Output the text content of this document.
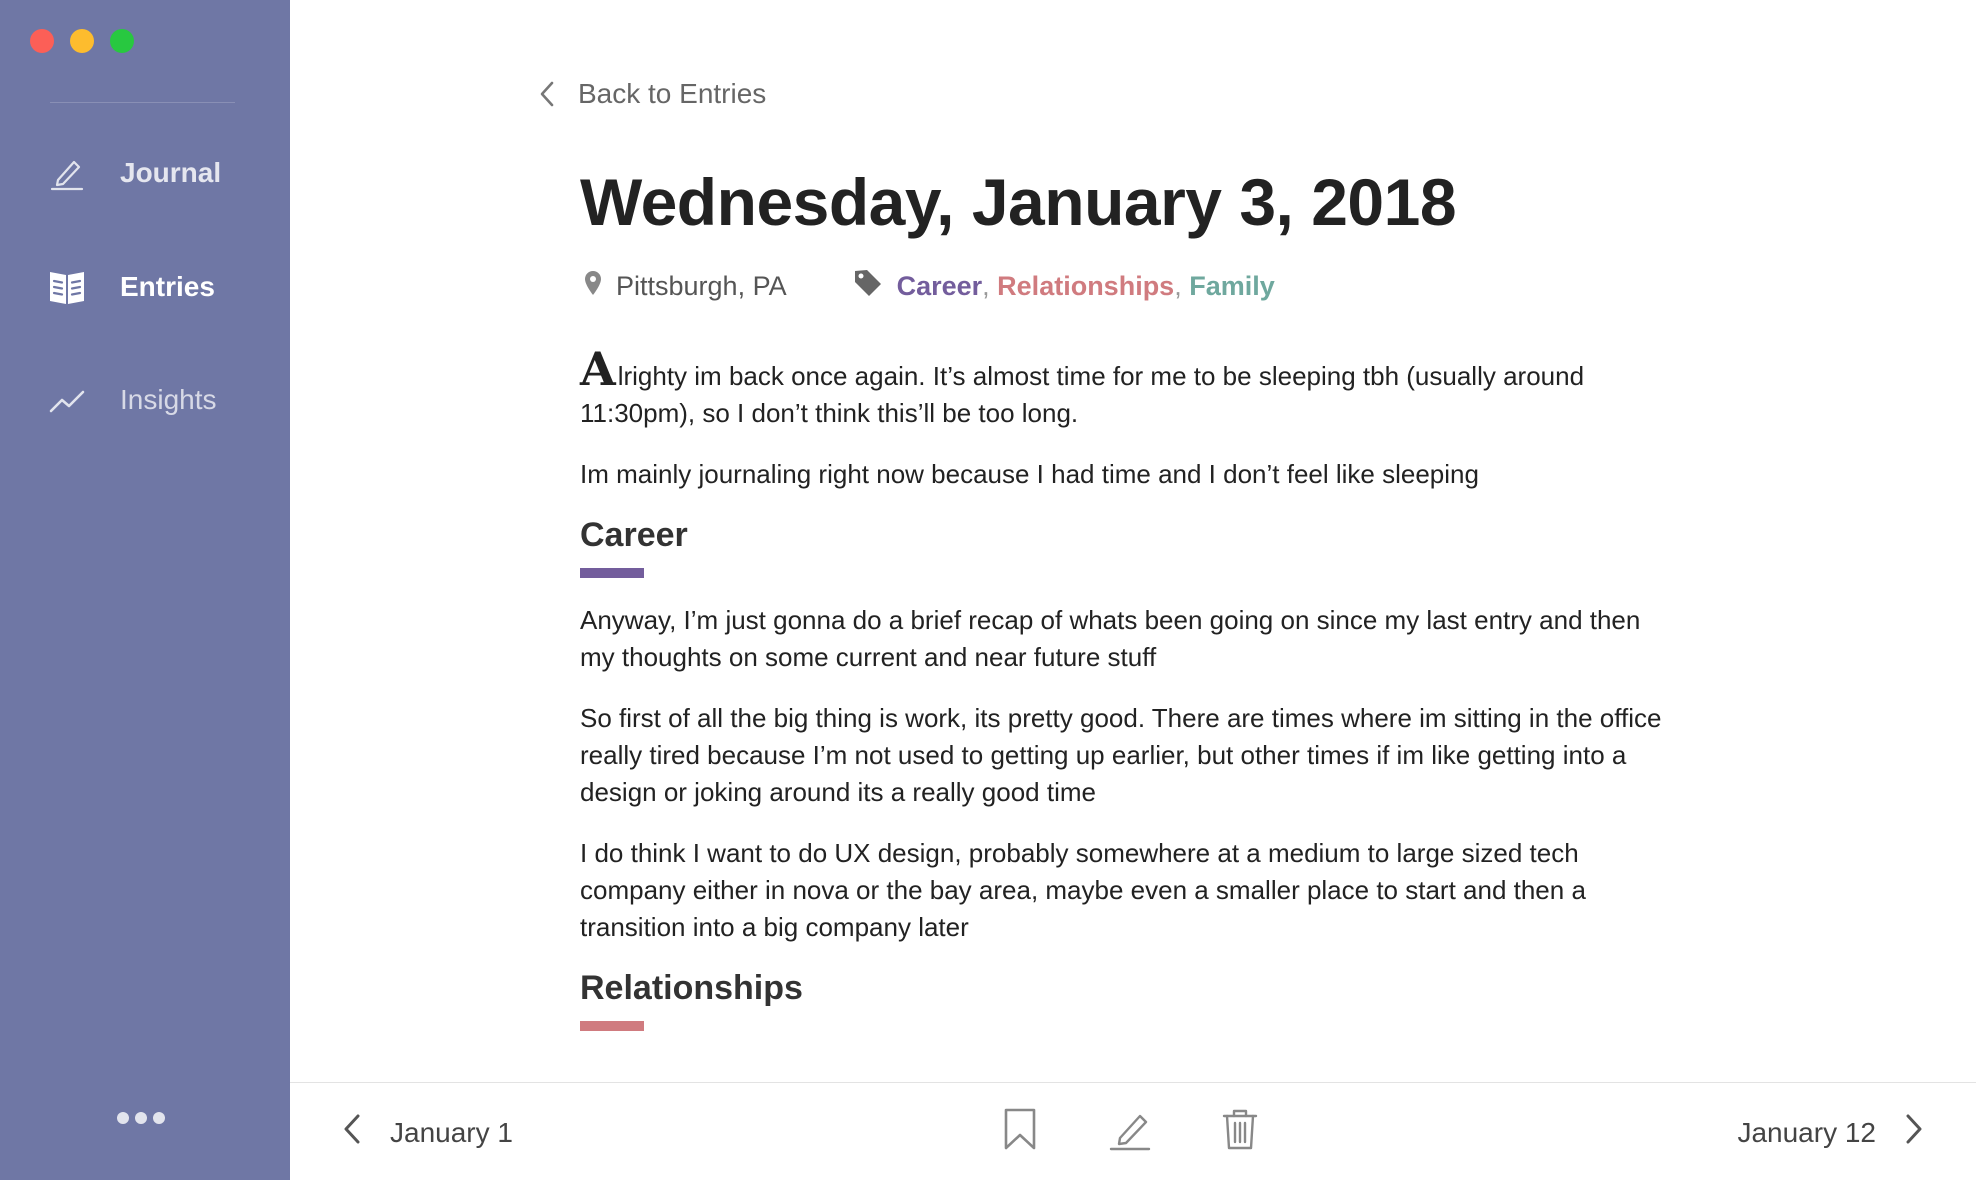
Journal
Entries
Insights
Back to Entries
Wednesday, January 3, 2018
Pittsburgh, PA	Career, Relationships, Family

Alrighty im back once again. It’s almost time for me to be sleeping tbh (usually around 11:30pm), so I don’t think this’ll be too long.

Im mainly journaling right now because I had time and I don’t feel like sleeping

Career

Anyway, I’m just gonna do a brief recap of whats been going on since my last entry and then my thoughts on some current and near future stuff

So first of all the big thing is work, its pretty good. There are times where im sitting in the office really tired because I’m not used to getting up earlier, but other times if im like getting into a design or joking around its a really good time

I do think I want to do UX design, probably somewhere at a medium to large sized tech company either in nova or the bay area, maybe even a smaller place to start and then a transition into a big company later

Relationships
January 1	January 12
